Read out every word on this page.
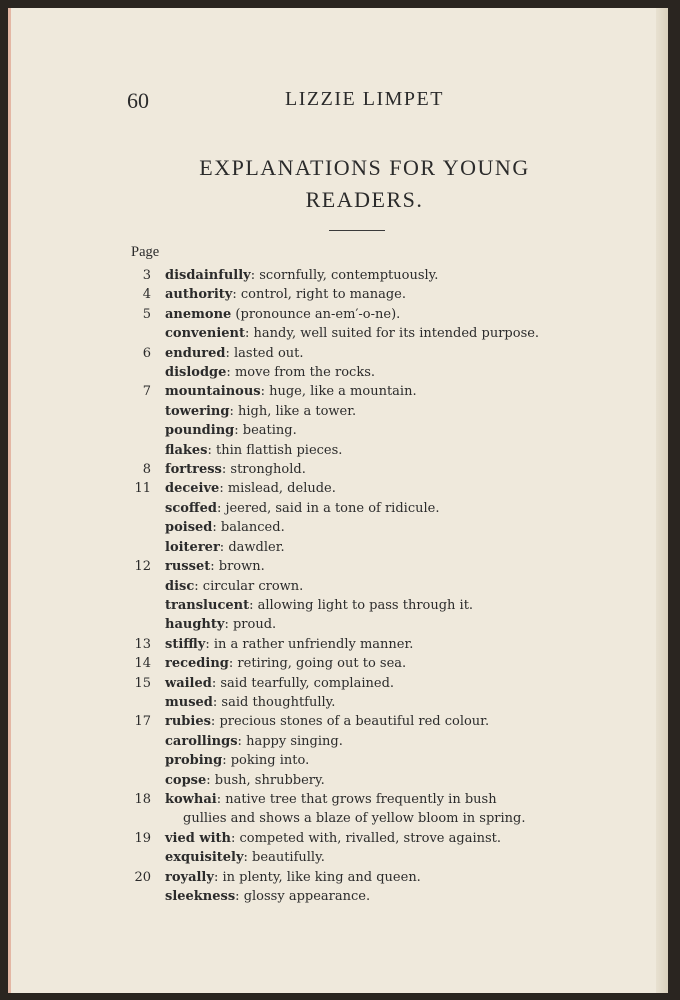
60	LIZZIE LIMPET
EXPLANATIONS FOR YOUNG
READERS.
Page
3	disdainfully: scornfully, contemptuously.
4	authority: control, right to manage.
5	anemone (pronounce an-em′-o-ne).
convenient: handy, well suited for its intended purpose.
6	endured: lasted out.
dislodge: move from the rocks.
7	mountainous: huge, like a mountain.
towering: high, like a tower.
pounding: beating.
flakes: thin flattish pieces.
8	fortress: stronghold.
11	deceive: mislead, delude.
scoffed: jeered, said in a tone of ridicule.
poised: balanced.
loiterer: dawdler.
12	russet: brown.
disc: circular crown.
translucent: allowing light to pass through it.
haughty: proud.
13	stiffly: in a rather unfriendly manner.
14	receding: retiring, going out to sea.
15	wailed: said tearfully, complained.
mused: said thoughtfully.
17	rubies: precious stones of a beautiful red colour.
carollings: happy singing.
probing: poking into.
copse: bush, shrubbery.
18	kowhai: native tree that grows frequently in bush
gullies and shows a blaze of yellow bloom in spring.
19	vied with: competed with, rivalled, strove against.
exquisitely: beautifully.
20	royally: in plenty, like king and queen.
sleekness: glossy appearance.
